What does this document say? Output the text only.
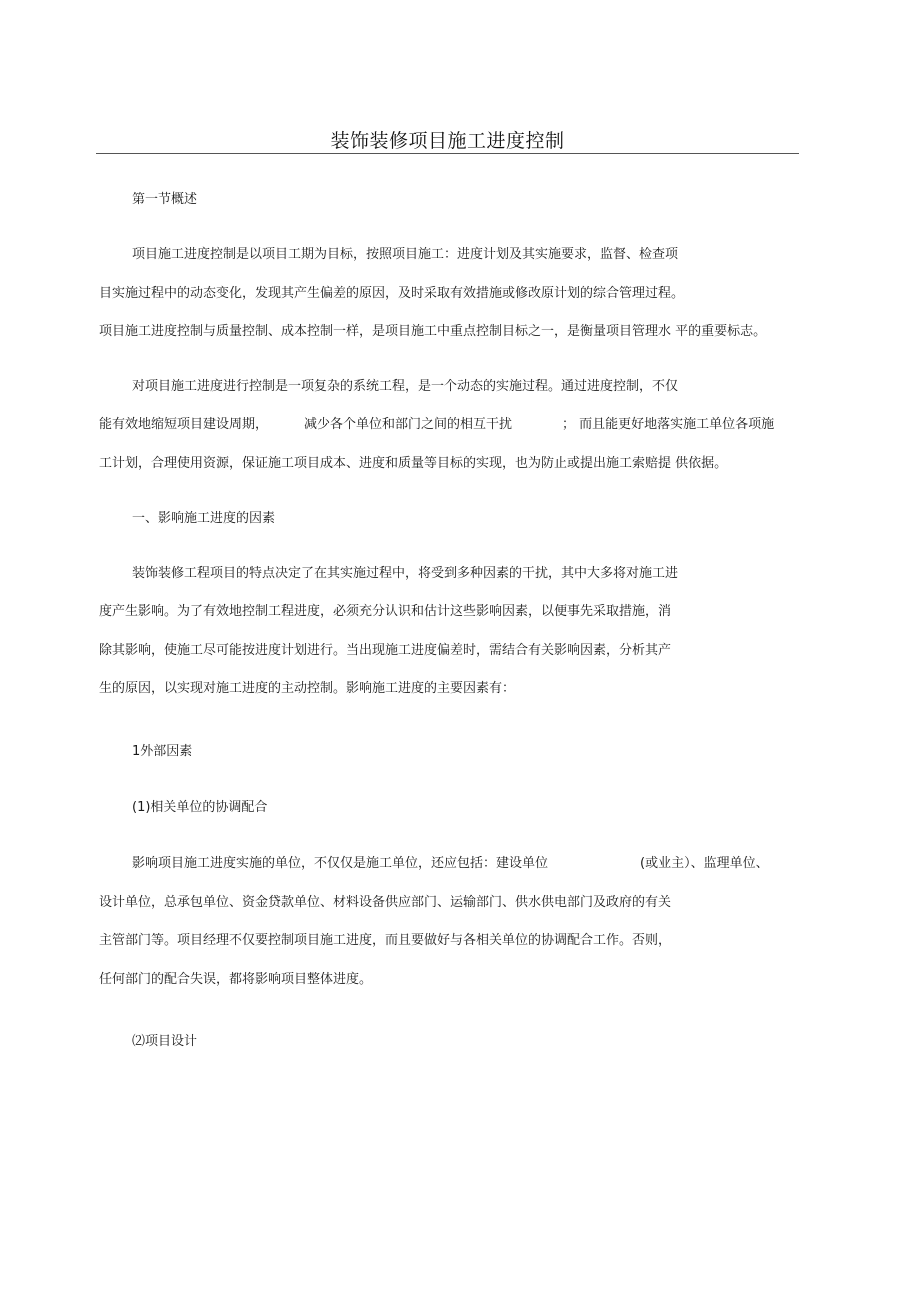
装饰装修项目施工进度控制

第一节概述

项目施工进度控制是以项目工期为目标，按照项目施工：进度计划及其实施要求，监督、检查项

目实施过程中的动态变化，发现其产生偏差的原因，及时采取有效措施或修改原计划的综合管理过程。

项目施工进度控制与质量控制、成本控制一样，是项目施工中重点控制目标之一，是衡量项目管理水 平的重要标志。

对项目施工进度进行控制是一项复杂的系统工程，是一个动态的实施过程。通过进度控制，不仅

能有效地缩短项目建设周期，	减少各个单位和部门之间的相互干扰	； 而且能更好地落实施工单位各项施

工计划，合理使用资源，保证施工项目成本、进度和质量等目标的实现，也为防止或提出施工索赔提 供依据。

一、影响施工进度的因素

装饰装修工程项目的特点决定了在其实施过程中，将受到多种因素的干扰，其中大多将对施工进

度产生影响。为了有效地控制工程进度，必须充分认识和估计这些影响因素，以便事先采取措施，消

除其影响，使施工尽可能按进度计划进行。当出现施工进度偏差时，需结合有关影响因素，分析其产

生的原因，以实现对施工进度的主动控制。影响施工进度的主要因素有：

1外部因素

(1)相关单位的协调配合

影响项目施工进度实施的单位，不仅仅是施工单位，还应包括：建设单位	(或业主）、监理单位、

设计单位，总承包单位、资金贷款单位、材料设备供应部门、运输部门、供水供电部门及政府的有关

主管部门等。项目经理不仅要控制项目施工进度，而且要做好与各相关单位的协调配合工作。否则，

任何部门的配合失误，都将影响项目整体进度。

⑵项目设计
